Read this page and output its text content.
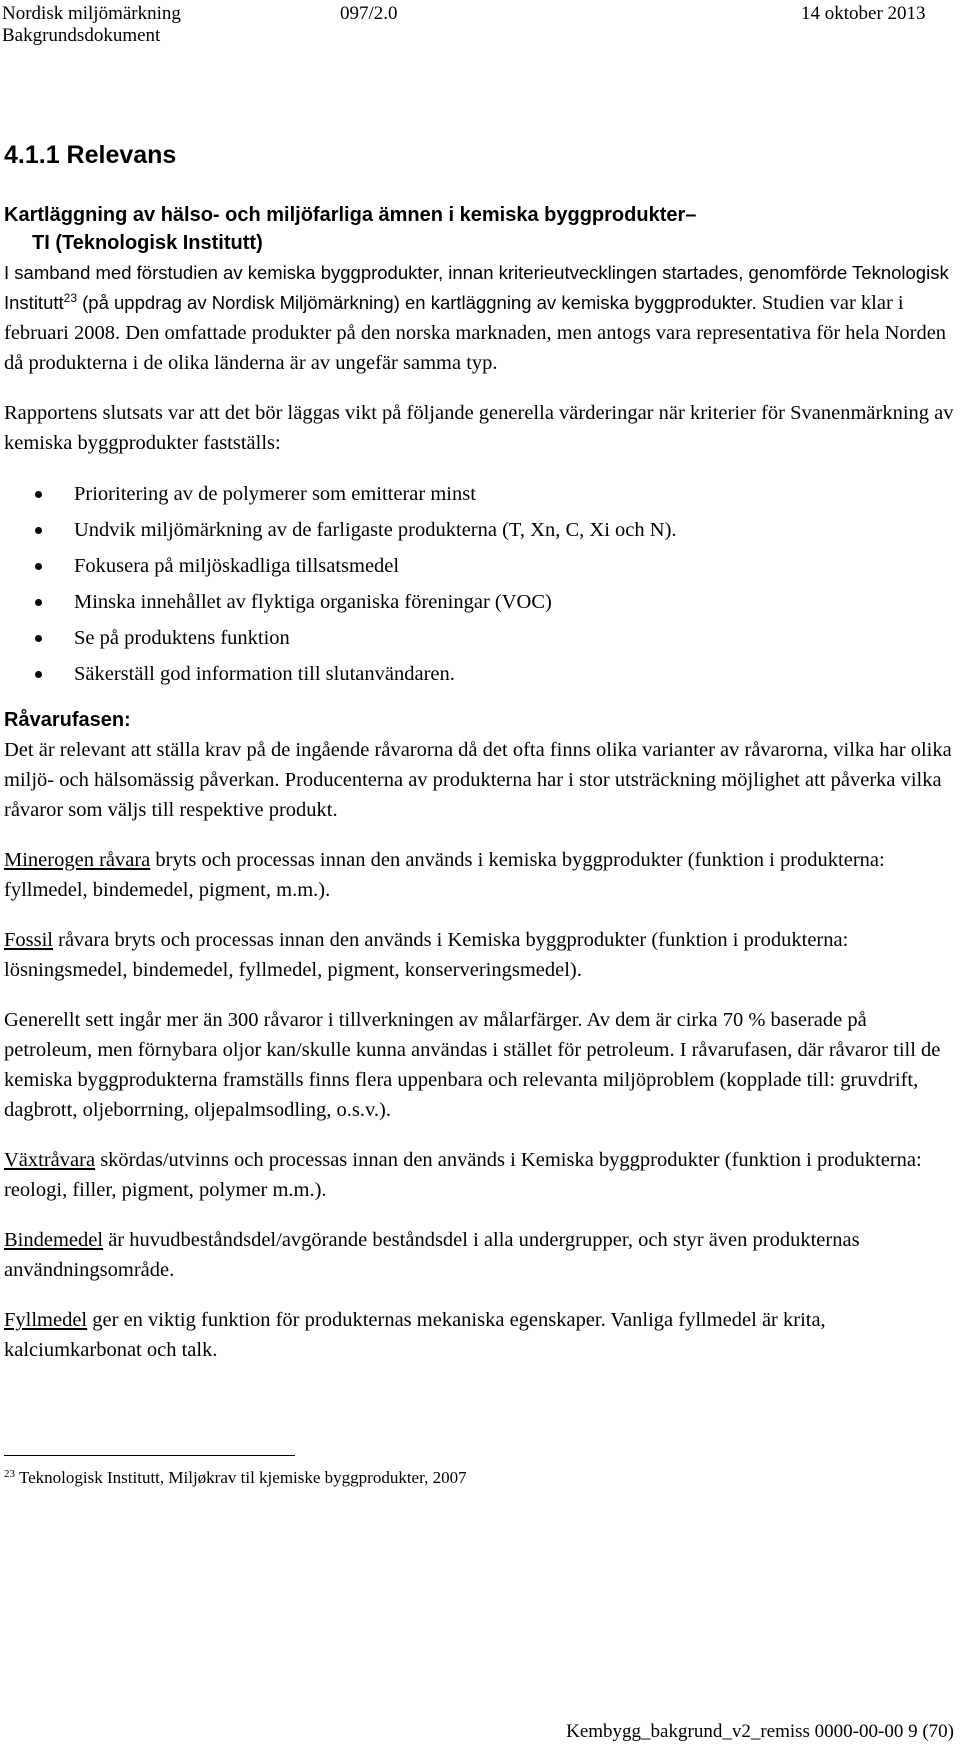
Nordisk miljömärkning	097/2.0	14 oktober 2013
Bakgrundsdokument
4.1.1 Relevans
Kartläggning av hälso- och miljöfarliga ämnen i kemiska byggprodukter–
TI (Teknologisk Institutt)

I samband med förstudien av kemiska byggprodukter, innan kriterieutvecklingen startades, genomförde Teknologisk Institutt$^{23}$ (på uppdrag av Nordisk Miljömärkning) en kartläggning av kemiska byggprodukter. Studien var klar i februari 2008. Den omfattade produkter på den norska marknaden, men antogs vara representativa för hela Norden då produkterna i de olika länderna är av ungefär samma typ.

Rapportens slutsats var att det bör läggas vikt på följande generella värderingar när kriterier för Svanenmärkning av kemiska byggprodukter fastställs:

Prioritering av de polymerer som emitterar minst
Undvik miljömärkning av de farligaste produkterna (T, Xn, C, Xi och N).
Fokusera på miljöskadliga tillsatsmedel
Minska innehållet av flyktiga organiska föreningar (VOC)
Se på produktens funktion
Säkerställ god information till slutanvändaren.
Råvarufasen:

Det är relevant att ställa krav på de ingående råvarorna då det ofta finns olika varianter av råvarorna, vilka har olika miljö- och hälsomässig påverkan. Producenterna av produkterna har i stor utsträckning möjlighet att påverka vilka råvaror som väljs till respektive produkt.

Minerogen råvara bryts och processas innan den används i kemiska byggprodukter (funktion i produkterna: fyllmedel, bindemedel, pigment, m.m.).

Fossil råvara bryts och processas innan den används i Kemiska byggprodukter (funktion i produkterna: lösningsmedel, bindemedel, fyllmedel, pigment, konserveringsmedel).

Generellt sett ingår mer än 300 råvaror i tillverkningen av målarfärger. Av dem är cirka 70 % baserade på petroleum, men förnybara oljor kan/skulle kunna användas i stället för petroleum. I råvarufasen, där råvaror till de kemiska byggprodukterna framställs finns flera uppenbara och relevanta miljöproblem (kopplade till: gruvdrift, dagbrott, oljeborrning, oljepalmsodling, o.s.v.).

Växtråvara skördas/utvinns och processas innan den används i Kemiska byggprodukter (funktion i produkterna: reologi, filler, pigment, polymer m.m.).

Bindemedel är huvudbeståndsdel/avgörande beståndsdel i alla undergrupper, och styr även produkternas användningsområde.

Fyllmedel ger en viktig funktion för produkternas mekaniska egenskaper. Vanliga fyllmedel är krita, kalciumkarbonat och talk.

$^{23}$ Teknologisk Institutt, Miljøkrav til kjemiske byggprodukter, 2007
Kembygg_bakgrund_v2_remiss 0000-00-00 9 (70)
